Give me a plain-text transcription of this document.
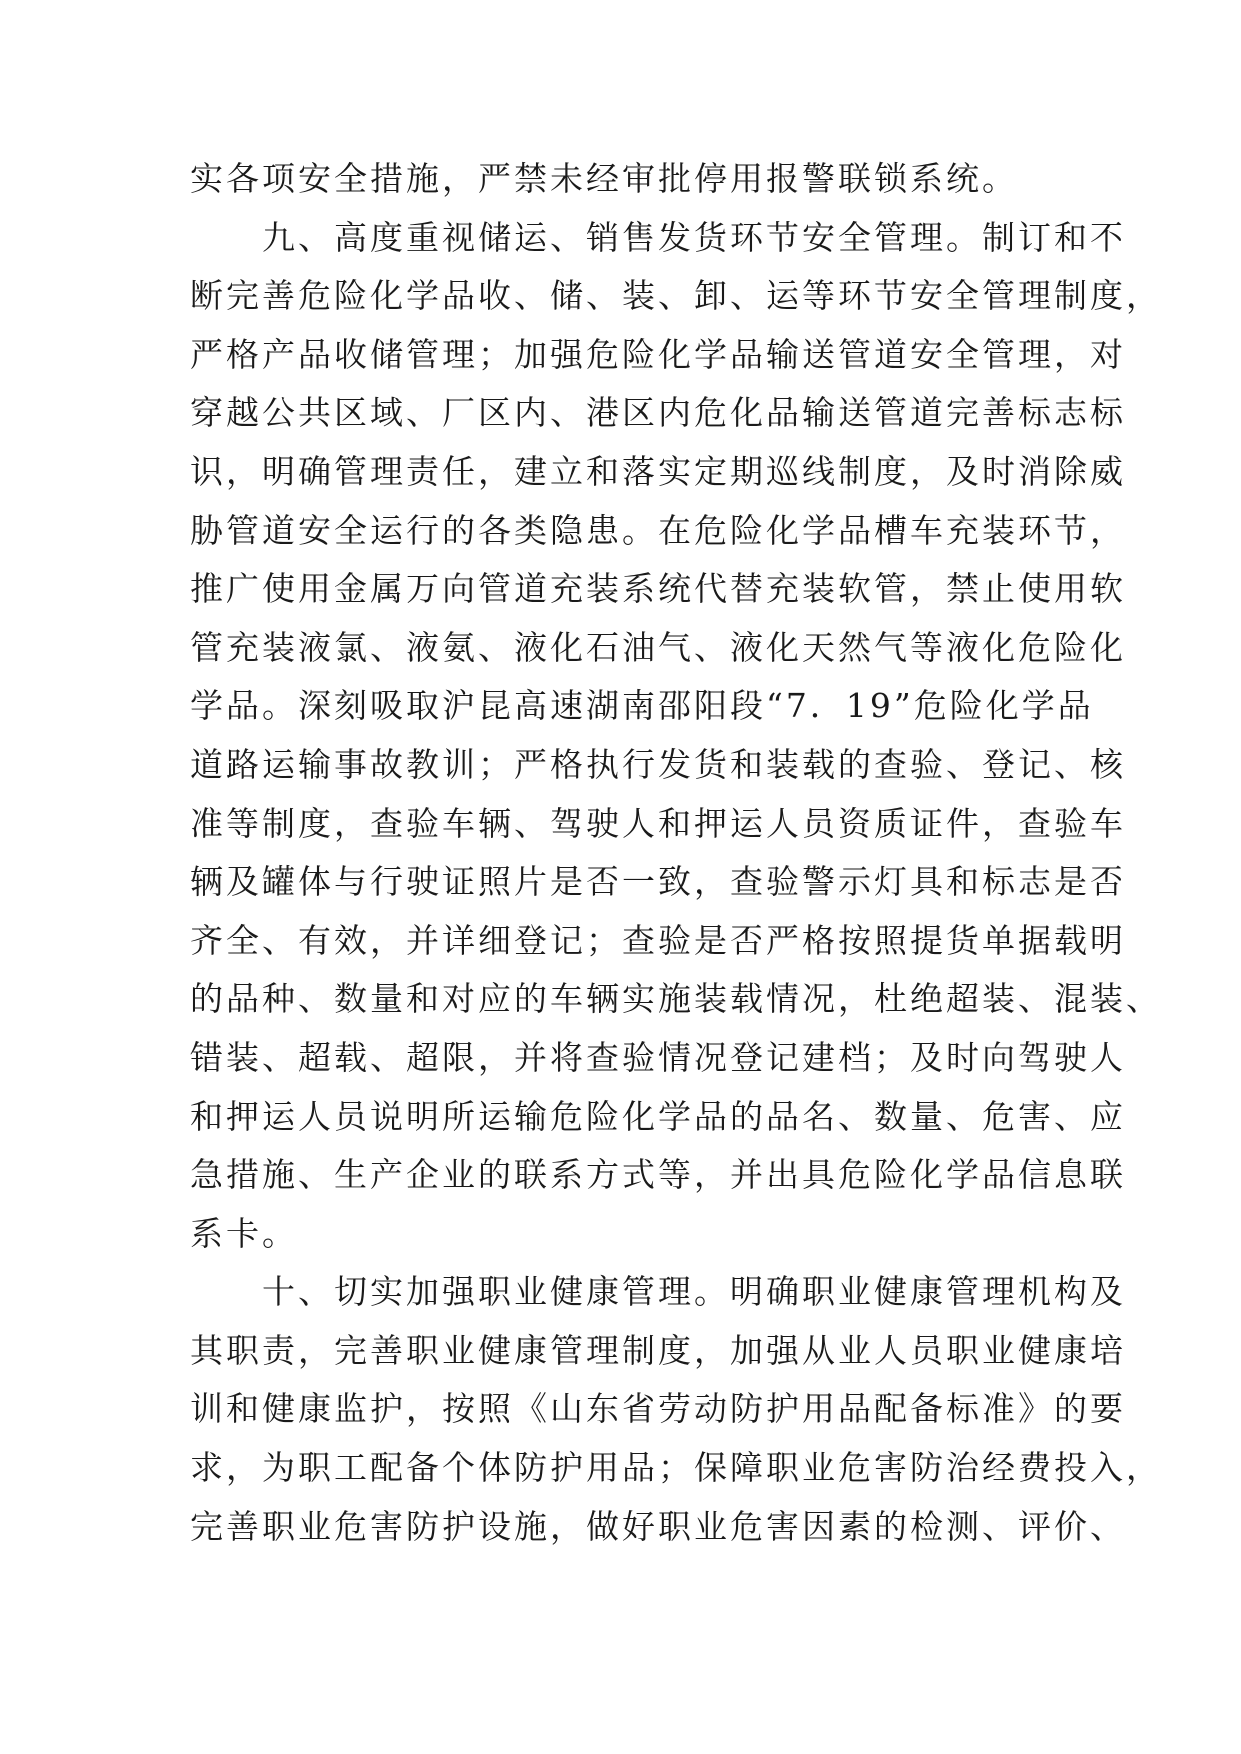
实各项安全措施，严禁未经审批停用报警联锁系统。
　　九、高度重视储运、销售发货环节安全管理。制订和不
断完善危险化学品收、储、装、卸、运等环节安全管理制度，
严格产品收储管理；加强危险化学品输送管道安全管理，对
穿越公共区域、厂区内、港区内危化品输送管道完善标志标
识，明确管理责任，建立和落实定期巡线制度，及时消除威
胁管道安全运行的各类隐患。在危险化学品槽车充装环节，
推广使用金属万向管道充装系统代替充装软管，禁止使用软
管充装液氯、液氨、液化石油气、液化天然气等液化危险化
学品。深刻吸取沪昆高速湖南邵阳段“7．19”危险化学品
道路运输事故教训；严格执行发货和装载的查验、登记、核
准等制度，查验车辆、驾驶人和押运人员资质证件，查验车
辆及罐体与行驶证照片是否一致，查验警示灯具和标志是否
齐全、有效，并详细登记；查验是否严格按照提货单据载明
的品种、数量和对应的车辆实施装载情况，杜绝超装、混装、
错装、超载、超限，并将查验情况登记建档；及时向驾驶人
和押运人员说明所运输危险化学品的品名、数量、危害、应
急措施、生产企业的联系方式等，并出具危险化学品信息联
系卡。
　　十、切实加强职业健康管理。明确职业健康管理机构及
其职责，完善职业健康管理制度，加强从业人员职业健康培
训和健康监护，按照《山东省劳动防护用品配备标准》的要
求，为职工配备个体防护用品；保障职业危害防治经费投入，
完善职业危害防护设施，做好职业危害因素的检测、评价、
